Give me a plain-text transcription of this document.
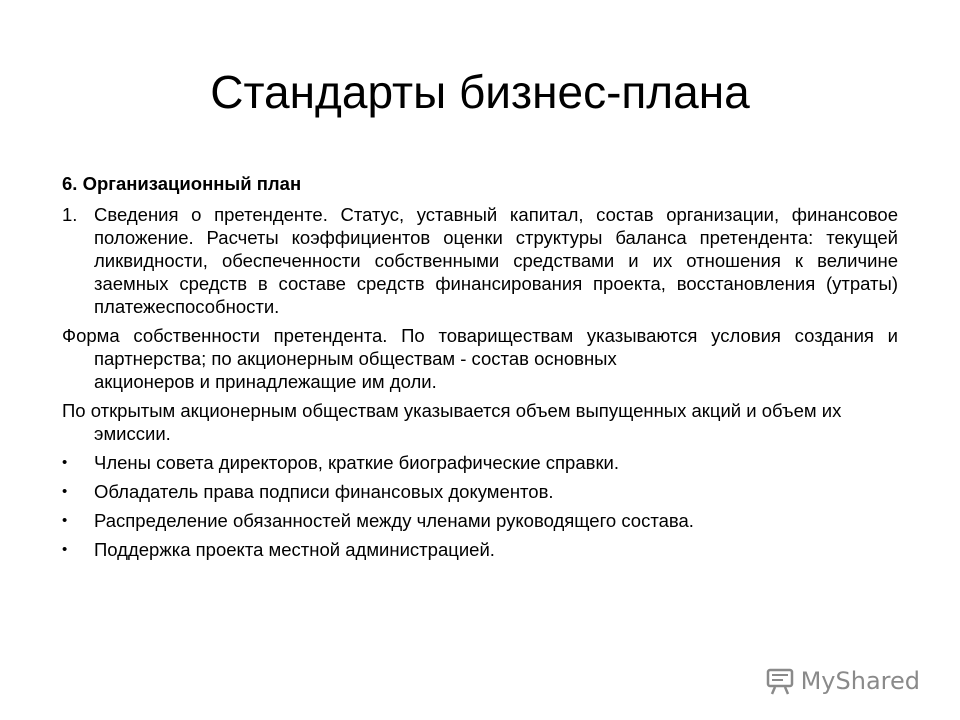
Стандарты бизнес-плана
6. Организационный план
1. Сведения о претенденте. Статус, уставный капитал, состав организации, финансовое положение. Расчеты коэффициентов оценки структуры баланса претендента: текущей ликвидности, обеспеченности собственными средствами и их отношения к величине заемных средств в составе средств финансирования проекта, восстановления (утраты) платежеспособности.
Форма собственности претендента. По товариществам указываются условия создания и партнерства; по акционерным обществам - состав основных
акционеров и принадлежащие им доли.
По открытым акционерным обществам указывается объем выпущенных акций и объем их эмиссии.
•	Члены совета директоров, краткие биографические справки.
•	Обладатель права подписи финансовых документов.
•	Распределение обязанностей между членами руководящего состава.
•	Поддержка проекта местной администрацией.
MyShared
